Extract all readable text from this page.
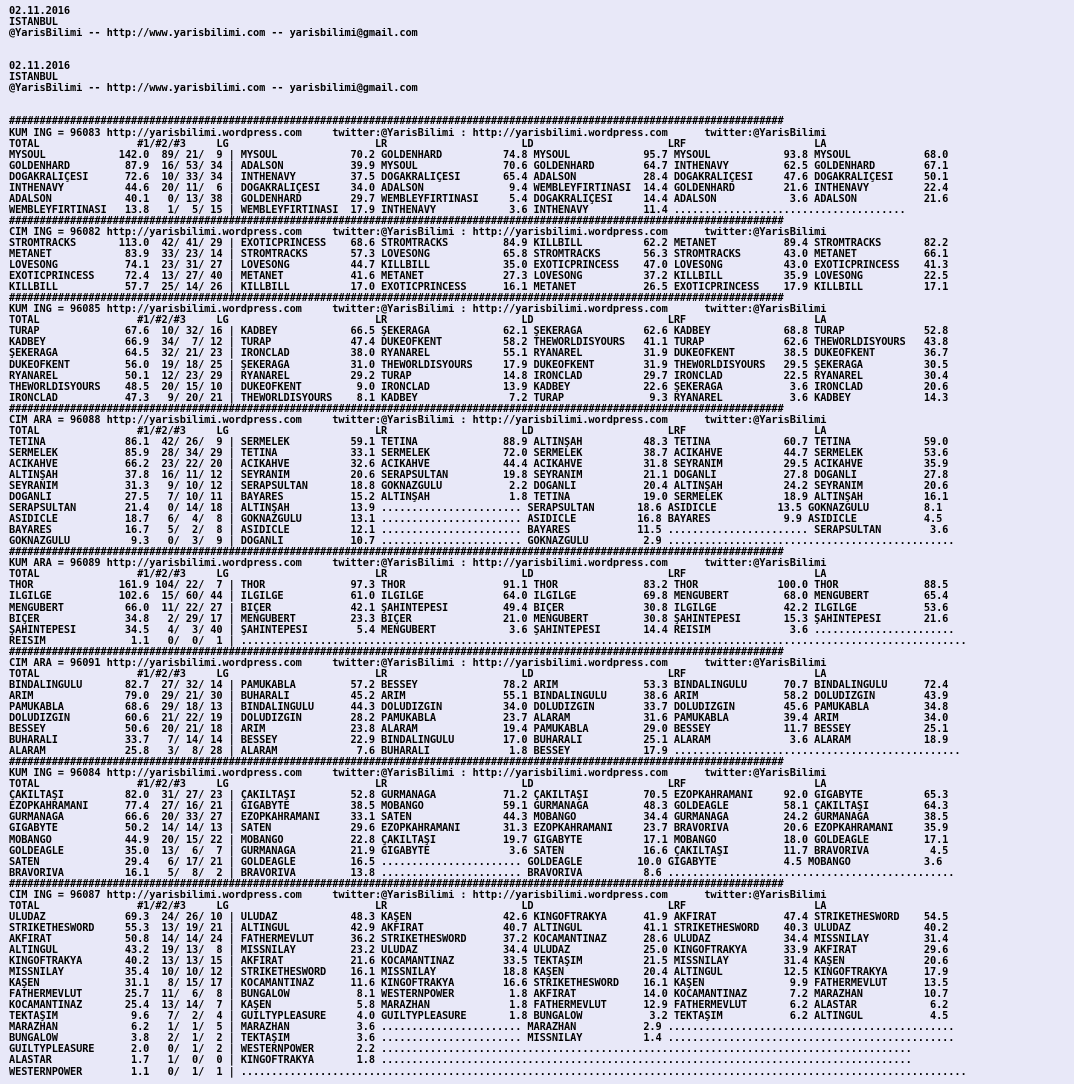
02.11.2016
ISTANBUL
@YarisBilimi -- http://www.yarisbilimi.com -- yarisbilimi@gmail.com

02.11.2016
ISTANBUL
@YarisBilimi -- http://www.yarisbilimi.com -- yarisbilimi@gmail.com

###############################################################################################################################
KUM ING = 96083 http://yarisbilimi.wordpress.com     twitter:@YarisBilimi : http://yarisbilimi.wordpress.com      twitter:@YarisBilimi
TOTAL                #1/#2/#3     LG                        LR                      LD                      LRF                     LA
MYSOUL            142.0  89/ 21/  9 | MYSOUL            70.2 GOLDENHARD          74.8 MYSOUL            95.7 MYSOUL            93.8 MYSOUL            68.0
GOLDENHARD         87.9  16/ 53/ 34 | ADALSON           39.9 MYSOUL              70.6 GOLDENHARD        64.7 INTHENAVY         62.5 GOLDENHARD        67.1
DOGAKRALİÇESİ      72.6  10/ 33/ 34 | INTHENAVY         37.5 DOGAKRALİÇESİ       65.4 ADALSON           28.4 DOGAKRALİÇESİ     47.6 DOGAKRALİÇESİ     50.1
INTHENAVY          44.6  20/ 11/  6 | DOGAKRALİÇESİ     34.0 ADALSON              9.4 WEMBLEYFIRTINASI  14.4 GOLDENHARD        21.6 INTHENAVY         22.4
ADALSON            40.1   0/ 13/ 38 | GOLDENHARD        29.7 WEMBLEYFIRTINASI     5.4 DOGAKRALİÇESİ     14.4 ADALSON            3.6 ADALSON           21.6
WEMBLEYFIRTINASI   13.8   1/  5/ 15 | WEMBLEYFIRTINASI  17.9 INTHENAVY            3.6 INTHENAVY         11.4 ......................................
###############################################################################################################################
CIM ING = 96082 http://yarisbilimi.wordpress.com     twitter:@YarisBilimi : http://yarisbilimi.wordpress.com      twitter:@YarisBilimi
STROMTRACKS       113.0  42/ 41/ 29 | EXOTICPRINCESS    68.6 STROMTRACKS         84.9 KILLBILL          62.2 METANET           89.4 STROMTRACKS       82.2
METANET            83.9  33/ 23/ 14 | STROMTRACKS       57.3 LOVESONG            65.8 STROMTRACKS       56.3 STROMTRACKS       43.0 METANET           66.1
LOVESONG           74.1  23/ 31/ 27 | LOVESONG          44.7 KILLBILL            35.0 EXOTICPRINCESS    47.0 LOVESONG          43.0 EXOTICPRINCESS    41.3
EXOTICPRINCESS     72.4  13/ 27/ 40 | METANET           41.6 METANET             27.3 LOVESONG          37.2 KILLBILL          35.9 LOVESONG          22.5
KILLBILL           57.7  25/ 14/ 26 | KILLBILL          17.0 EXOTICPRINCESS      16.1 METANET           26.5 EXOTICPRINCESS    17.9 KILLBILL          17.1
###############################################################################################################################
KUM ING = 96085 http://yarisbilimi.wordpress.com     twitter:@YarisBilimi : http://yarisbilimi.wordpress.com      twitter:@YarisBilimi
TOTAL                #1/#2/#3     LG                        LR                      LD                      LRF                     LA
TURAP              67.6  10/ 32/ 16 | KADBEY            66.5 ŞEKERAĞA            62.1 ŞEKERAĞA          62.6 KADBEY            68.8 TURAP             52.8
KADBEY             66.9  34/  7/ 12 | TURAP             47.4 DUKEOFKENT          58.2 THEWORLDISYOURS   41.1 TURAP             62.6 THEWORLDISYOURS   43.8
ŞEKERAĞA           64.5  32/ 21/ 23 | IRONCLAD          38.0 RYANAREL            55.1 RYANAREL          31.9 DUKEOFKENT        38.5 DUKEOFKENT        36.7
DUKEOFKENT         56.0  19/ 18/ 25 | ŞEKERAĞA          31.0 THEWORLDISYOURS     17.9 DUKEOFKENT        31.9 THEWORLDISYOURS   29.5 ŞEKERAĞA          30.5
RYANAREL           50.1  12/ 23/ 29 | RYANAREL          29.2 TURAP               14.8 IRONCLAD          29.7 IRONCLAD          22.5 RYANAREL          30.4
THEWORLDISYOURS    48.5  20/ 15/ 10 | DUKEOFKENT         9.0 IRONCLAD            13.9 KADBEY            22.6 ŞEKERAĞA           3.6 IRONCLAD          20.6
IRONCLAD           47.3   9/ 20/ 21 | THEWORLDISYOURS    8.1 KADBEY               7.2 TURAP              9.3 RYANAREL           3.6 KADBEY            14.3
###############################################################################################################################
CIM ARA = 96088 http://yarisbilimi.wordpress.com     twitter:@YarisBilimi : http://yarisbilimi.wordpress.com      twitter:@YarisBilimi
TOTAL                #1/#2/#3     LG                        LR                      LD                      LRF                     LA
TETİNA             86.1  42/ 26/  9 | SERMELEK          59.1 TETİNA              88.9 ALTINŞAH          48.3 TETİNA            60.7 TETİNA            59.0
SERMELEK           85.9  28/ 34/ 29 | TETİNA            33.1 SERMELEK            72.0 SERMELEK          38.7 ACIKAHVE          44.7 SERMELEK          53.6
ACIKAHVE           66.2  23/ 22/ 20 | ACIKAHVE          32.6 ACIKAHVE            44.4 ACIKAHVE          31.8 SEYRANIM          29.5 ACIKAHVE          35.9
ALTINŞAH           37.8  16/ 11/ 12 | SEYRANIM          20.6 SERAPSULTAN         19.8 SEYRANIM          21.1 DOGANLI           27.8 DOGANLI           27.8
SEYRANIM           31.3   9/ 10/ 12 | SERAPSULTAN       18.8 GOKNAZGÜLÜ           2.2 DOGANLI           20.4 ALTINŞAH          24.2 SEYRANIM          20.6
DOGANLI            27.5   7/ 10/ 11 | BAYARES           15.2 ALTINŞAH             1.8 TETİNA            19.0 SERMELEK          18.9 ALTINŞAH          16.1
SERAPSULTAN        21.4   0/ 14/ 18 | ALTINŞAH          13.9 ....................... SERAPSULTAN       18.6 ASIDİCLE          13.5 GOKNAZGÜLÜ         8.1
ASIDİCLE           18.7   6/  4/  8 | GOKNAZGÜLÜ        13.1 ....................... ASIDİCLE          16.8 BAYARES            9.9 ASIDİCLE           4.5
BAYARES            16.7   5/  2/  8 | ASIDİCLE          12.1 ....................... BAYARES           11.5 ....................... SERAPSULTAN        3.6
GOKNAZGÜLÜ          9.3   0/  3/  9 | DOGANLI           10.7 ....................... GOKNAZGÜLÜ         2.9 ...............................................
###############################################################################################################################
KUM ARA = 96089 http://yarisbilimi.wordpress.com     twitter:@YarisBilimi : http://yarisbilimi.wordpress.com      twitter:@YarisBilimi
TOTAL                #1/#2/#3     LG                        LR                      LD                      LRF                     LA
THOR              161.9 104/ 22/  7 | THOR              97.3 THOR                91.1 THOR              83.2 THOR             100.0 THOR              88.5
ILGİLGE           102.6  15/ 60/ 44 | ILGİLGE           61.0 ILGİLGE             64.0 ILGİLGE           69.8 MENGÜBERT         68.0 MENGÜBERT         65.4
MENGÜBERT          66.0  11/ 22/ 27 | BIÇER             42.1 ŞAHİNTEPESİ         49.4 BIÇER             30.8 ILGİLGE           42.2 ILGİLGE           53.6
BIÇER              34.8   2/ 29/ 17 | MENGÜBERT         23.3 BIÇER               21.0 MENGÜBERT         30.8 ŞAHİNTEPESİ       15.3 ŞAHİNTEPESİ       21.6
ŞAHİNTEPESİ        34.5   4/  3/ 40 | ŞAHİNTEPESİ        5.4 MENGÜBERT            3.6 ŞAHİNTEPESİ       14.4 REİSİM             3.6 .......................
REİSİM              1.1   0/  0/  1 | .......................................................................................................................
###############################################################################################################################
CIM ARA = 96091 http://yarisbilimi.wordpress.com     twitter:@YarisBilimi : http://yarisbilimi.wordpress.com      twitter:@YarisBilimi
TOTAL                #1/#2/#3     LG                        LR                      LD                      LRF                     LA
BİNDALINGÜLÜ       82.7  27/ 32/ 14 | PAMUKABLA         57.2 BESSEY              78.2 ARIM              53.3 BİNDALINGÜLÜ      70.7 BİNDALINGÜLÜ      72.4
ARIM               79.0  29/ 21/ 30 | BUHARALI          45.2 ARIM                55.1 BİNDALINGÜLÜ      38.6 ARIM              58.2 DOLUDİZGİN        43.9
PAMUKABLA          68.6  29/ 18/ 13 | BİNDALINGÜLÜ      44.3 DOLUDİZGİN          34.0 DOLUDİZGİN        33.7 DOLUDİZGİN        45.6 PAMUKABLA         34.8
DOLUDİZGİN         60.6  21/ 22/ 19 | DOLUDİZGİN        28.2 PAMUKABLA           23.7 ALARAM            31.6 PAMUKABLA         39.4 ARIM              34.0
BESSEY             50.6  20/ 21/ 18 | ARIM              23.8 ALARAM              19.4 PAMUKABLA         29.0 BESSEY            11.7 BESSEY            25.1
BUHARALI           33.7   7/ 14/ 14 | BESSEY            22.9 BİNDALINGÜLÜ        17.0 BUHARALI          25.1 ALARAM             3.6 ALARAM            18.9
ALARAM             25.8   3/  8/ 28 | ALARAM             7.6 BUHARALI             1.8 BESSEY            17.9 ...............................................
###############################################################################################################################
KUM ING = 96084 http://yarisbilimi.wordpress.com     twitter:@YarisBilimi : http://yarisbilimi.wordpress.com      twitter:@YarisBilimi
TOTAL                #1/#2/#3     LG                        LR                      LD                      LRF                     LA
ÇAKILTAŞI          82.0  31/ 27/ 23 | ÇAKILTAŞI         52.8 GURMANAĞA           71.2 ÇAKILTAŞI         70.5 EZOPKAHRAMANI     92.0 GIGABYTE          65.3
EZOPKAHRAMANI      77.4  27/ 16/ 21 | GIGABYTE          38.5 MOBANGO             59.1 GURMANAĞA         48.3 GOLDEAGLE         58.1 ÇAKILTAŞI         64.3
GURMANAĞA          66.6  20/ 33/ 27 | EZOPKAHRAMANI     33.1 SATEN               44.3 MOBANGO           34.4 GURMANAĞA         24.2 GURMANAĞA         38.5
GIGABYTE           50.2  14/ 14/ 13 | SATEN             29.6 EZOPKAHRAMANI       31.3 EZOPKAHRAMANI     23.7 BRAVORIVA         20.6 EZOPKAHRAMANI     35.9
MOBANGO            44.9  20/ 15/ 22 | MOBANGO           22.8 ÇAKILTAŞI           19.7 GIGABYTE          17.1 MOBANGO           18.0 GOLDEAGLE         17.1
GOLDEAGLE          35.0  13/  6/  7 | GURMANAĞA         21.9 GIGABYTE             3.6 SATEN             16.6 ÇAKILTAŞI         11.7 BRAVORIVA          4.5
SATEN              29.4   6/ 17/ 21 | GOLDEAGLE         16.5 ....................... GOLDEAGLE         10.0 GIGABYTE           4.5 MOBANGO            3.6
BRAVORIVA          16.1   5/  8/  2 | BRAVORIVA         13.8 ....................... BRAVORIVA          8.6 ...............................................
###############################################################################################################################
CIM ING = 96087 http://yarisbilimi.wordpress.com     twitter:@YarisBilimi : http://yarisbilimi.wordpress.com      twitter:@YarisBilimi
TOTAL                #1/#2/#3     LG                        LR                      LD                      LRF                     LA
ULUDAZ             69.3  24/ 26/ 10 | ULUDAZ            48.3 KAŞEN               42.6 KINGOFTRAKYA      41.9 AKFIRAT           47.4 STRIKETHESWORD    54.5
STRIKETHESWORD     55.3  13/ 19/ 21 | ALTINGÜL          42.9 AKFIRAT             40.7 ALTINGÜL          41.1 STRIKETHESWORD    40.3 ULUDAZ            40.2
AKFIRAT            50.8  14/ 14/ 24 | FATHERMEVLÜT      36.2 STRIKETHESWORD      37.2 KOCAMANTINAZ      28.6 ULUDAZ            34.4 MISSNİLAY         31.4
ALTINGÜL           43.2  19/ 13/  8 | MISSNİLAY         23.2 ULUDAZ              34.4 ULUDAZ            25.0 KINGOFTRAKYA      33.9 AKFIRAT           29.6
KINGOFTRAKYA       40.2  13/ 13/ 15 | AKFIRAT           21.6 KOCAMANTINAZ        33.5 TEKTAŞIM          21.5 MISSNİLAY         31.4 KAŞEN             20.6
MISSNİLAY          35.4  10/ 10/ 12 | STRIKETHESWORD    16.1 MISSNİLAY           18.8 KAŞEN             20.4 ALTINGÜL          12.5 KINGOFTRAKYA      17.9
KAŞEN              31.1   8/ 15/ 17 | KOCAMANTINAZ      11.6 KINGOFTRAKYA        16.6 STRIKETHESWORD    16.1 KAŞEN              9.9 FATHERMEVLÜT      13.5
FATHERMEVLÜT       25.7  11/  6/  8 | BUNGALOW           8.1 WESTERNPOWER         1.8 AKFIRAT           14.0 KOCAMANTINAZ       7.2 MARAZHAN          10.7
KOCAMANTINAZ       25.4  13/ 14/  7 | KAŞEN              5.8 MARAZHAN             1.8 FATHERMEVLÜT      12.9 FATHERMEVLÜT       6.2 ALASTAR            6.2
TEKTAŞIM            9.6   7/  2/  4 | GUILTYPLEASURE     4.0 GUILTYPLEASURE       1.8 BUNGALOW           3.2 TEKTAŞIM           6.2 ALTINGÜL           4.5
MARAZHAN            6.2   1/  1/  5 | MARAZHAN           3.6 ....................... MARAZHAN           2.9 ...............................................
BUNGALOW            3.8   2/  1/  2 | TEKTAŞIM           3.6 ....................... MISSNİLAY          1.4 ...............................................
GUILTYPLEASURE      2.0   0/  1/  2 | WESTERNPOWER       2.2 .......................................................................................
ALASTAR             1.7   1/  0/  0 | KINGOFTRAKYA       1.8 .......................................................................................
WESTERNPOWER        1.1   0/  1/  1 | .......................................................................................................................
